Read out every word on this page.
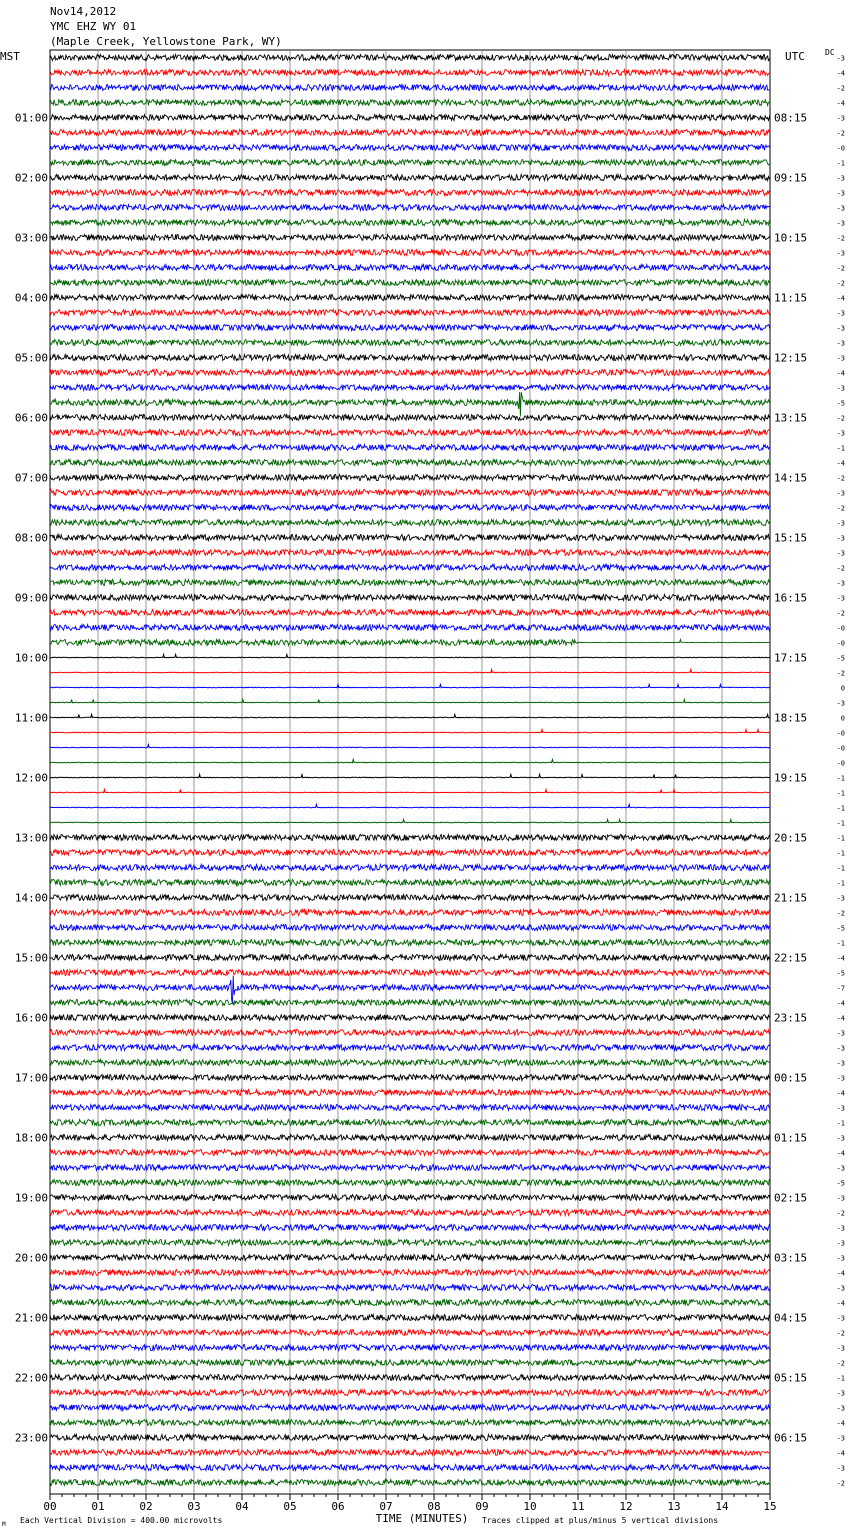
Nov14,2012
YMC EHZ WY 01
(Maple Creek, Yellowstone Park, WY)
MST	UTC	DC
00	01	02	03	04	05	06	07	08	09	10	11	12	13	14	15
-3
-4
-2
-4
-3
-2
-0
-1
-3
-3
-3
-3
-2
-3
-2
-2
-4
-3
-3
-3
-3
-4
-3
-5
-2
-3
-1
-4
-2
-3
-2
-3
-3
-3
-2
-3
-3
-2
-0
-0
-5
-2
0
-3
0
-0
-0
-0
-1
-1
-1
-1
-1
-1
-1
-1
-3
-2
-5
-1
-4
-5
-7
-4
-4
-3
-3
-3
-3
-4
-3
-1
-3
-4
-3
-5
-3
-2
-3
-3
-3
-4
-3
-4
-3
-2
-3
-2
-1
-3
-3
-4
-3
-4
-3
-2
01:00
02:00
03:00
04:00
05:00
06:00
07:00
08:00
09:00
10:00
11:00
12:00
13:00
14:00
15:00
16:00
17:00
18:00
19:00
20:00
21:00
22:00
23:00
08:15
09:15
10:15
11:15
12:15
13:15
14:15
15:15
16:15
17:15
18:15
19:15
20:15
21:15
22:15
23:15
00:15
01:15
02:15
03:15
04:15
05:15
06:15
TIME (MINUTES)
Each Vertical Division = 400.00 microvolts	Traces clipped at plus/minus 5 vertical divisions
M
